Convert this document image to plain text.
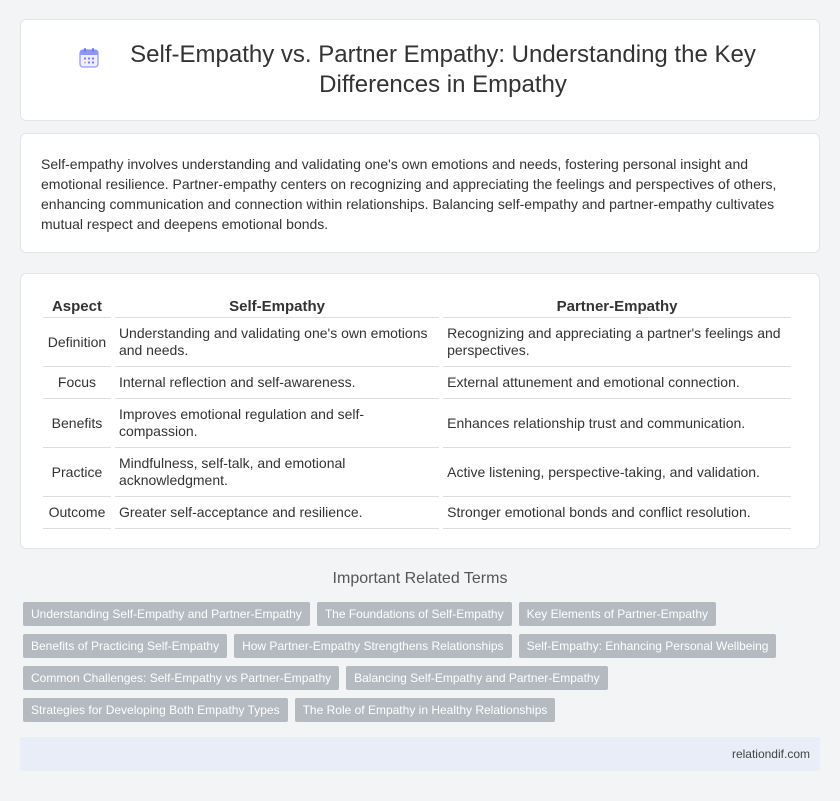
Self-Empathy vs. Partner Empathy: Understanding the Key Differences in Empathy

Self-empathy involves understanding and validating one's own emotions and needs, fostering personal insight and emotional resilience. Partner-empathy centers on recognizing and appreciating the feelings and perspectives of others, enhancing communication and connection within relationships. Balancing self-empathy and partner-empathy cultivates mutual respect and deepens emotional bonds.

Aspect	Self-Empathy	Partner-Empathy
Definition	Understanding and validating one's own emotions and needs.	Recognizing and appreciating a partner's feelings and perspectives.
Focus	Internal reflection and self-awareness.	External attunement and emotional connection.
Benefits	Improves emotional regulation and self-compassion.	Enhances relationship trust and communication.
Practice	Mindfulness, self-talk, and emotional acknowledgment.	Active listening, perspective-taking, and validation.
Outcome	Greater self-acceptance and resilience.	Stronger emotional bonds and conflict resolution.
Important Related Terms
Understanding Self-Empathy and Partner-Empathy	The Foundations of Self-Empathy	Key Elements of Partner-Empathy
Benefits of Practicing Self-Empathy	How Partner-Empathy Strengthens Relationships	Self-Empathy: Enhancing Personal Wellbeing
Common Challenges: Self-Empathy vs Partner-Empathy	Balancing Self-Empathy and Partner-Empathy
Strategies for Developing Both Empathy Types	The Role of Empathy in Healthy Relationships
relationdif.com
